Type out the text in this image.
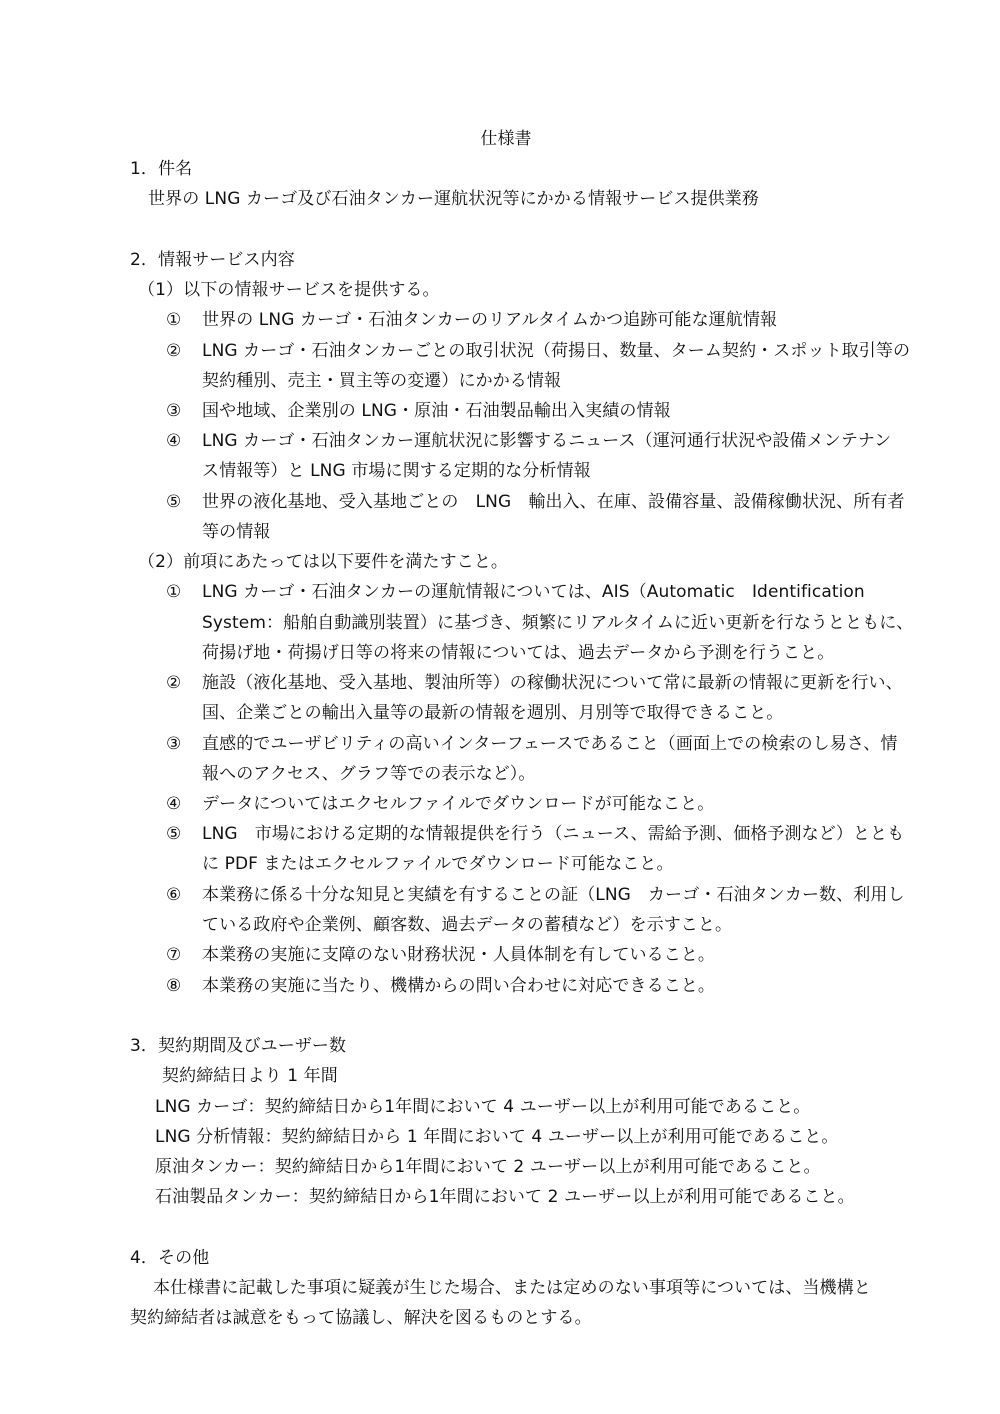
仕様書
1．件名
世界の LNG カーゴ及び石油タンカー運航状況等にかかる情報サービス提供業務
2．情報サービス内容
（1）以下の情報サービスを提供する。
① 世界の LNG カーゴ・石油タンカーのリアルタイムかつ追跡可能な運航情報
② LNG カーゴ・石油タンカーごとの取引状況（荷揚日、数量、ターム契約・スポット取引等の
契約種別、売主・買主等の変遷）にかかる情報
③ 国や地域、企業別の LNG・原油・石油製品輸出入実績の情報
④ LNG カーゴ・石油タンカー運航状況に影響するニュース（運河通行状況や設備メンテナン
ス情報等）と LNG 市場に関する定期的な分析情報
⑤ 世界の液化基地、受入基地ごとの　LNG　輸出入、在庫、設備容量、設備稼働状況、所有者
等の情報
（2）前項にあたっては以下要件を満たすこと。
① LNG カーゴ・石油タンカーの運航情報については、AIS（Automatic　Identification
System：船舶自動識別装置）に基づき、頻繁にリアルタイムに近い更新を行なうとともに、
荷揚げ地・荷揚げ日等の将来の情報については、過去データから予測を行うこと。
② 施設（液化基地、受入基地、製油所等）の稼働状況について常に最新の情報に更新を行い、
国、企業ごとの輸出入量等の最新の情報を週別、月別等で取得できること。
③ 直感的でユーザビリティの高いインターフェースであること（画面上での検索のし易さ、情
報へのアクセス、グラフ等での表示など）。
④ データについてはエクセルファイルでダウンロードが可能なこと。
⑤ LNG　市場における定期的な情報提供を行う（ニュース、需給予測、価格予測など）ととも
に PDF またはエクセルファイルでダウンロード可能なこと。
⑥ 本業務に係る十分な知見と実績を有することの証（LNG　カーゴ・石油タンカー数、利用し
ている政府や企業例、顧客数、過去データの蓄積など）を示すこと。
⑦ 本業務の実施に支障のない財務状況・人員体制を有していること。
⑧ 本業務の実施に当たり、機構からの問い合わせに対応できること。
3．契約期間及びユーザー数
契約締結日より 1 年間
LNG カーゴ：契約締結日から1年間において 4 ユーザー以上が利用可能であること。
LNG 分析情報：契約締結日から 1 年間において 4 ユーザー以上が利用可能であること。
原油タンカー：契約締結日から1年間において 2 ユーザー以上が利用可能であること。
石油製品タンカー：契約締結日から1年間において 2 ユーザー以上が利用可能であること。
4．その他
本仕様書に記載した事項に疑義が生じた場合、または定めのない事項等については、当機構と
契約締結者は誠意をもって協議し、解決を図るものとする。
